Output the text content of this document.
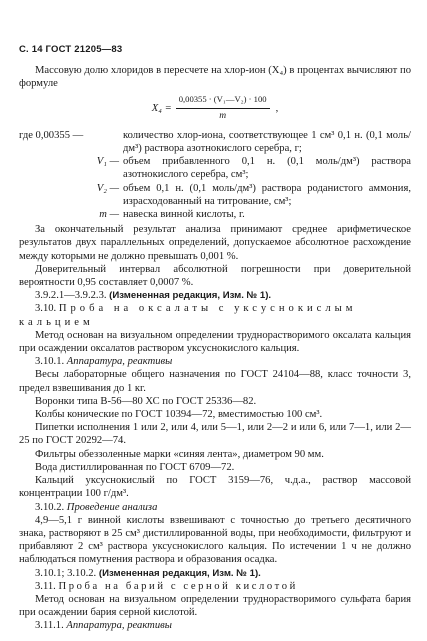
С. 14 ГОСТ 21205—83

Массовую долю хлоридов в пересчете на хлор-ион (X₄) в процентах вычисляют по формуле

$X_4 = \frac{\text{0,00355 · (V₁—V₂) · 100}}{m}$ ,
где 0,00355 —	количество хлор-иона, соответствующее 1 см³ 0,1 н. (0,1 моль/дм³) раствора азотнокислого серебра, г;
V₁ — объем прибавленного 0,1 н. (0,1 моль/дм³) раствора азотнокислого серебра, см³;
V₂ — объем 0,1 н. (0,1 моль/дм³) раствора роданистого аммония, израсходованный на титрование, см³;
m — навеска винной кислоты, г.

За окончательный результат анализа принимают среднее арифметическое результатов двух параллельных определений, допускаемое абсолютное расхождение между которыми не должно превышать 0,001 %.

Доверительный интервал абсолютной погрешности при доверительной вероятности 0,95 составляет 0,0007 %.

3.9.2.1—3.9.2.3. (Измененная редакция, Изм. № 1).

3.10. Проба на оксалаты с уксуснокислым кальцием

Метод основан на визуальном определении труднорастворимого оксалата кальция при осаждении оксалатов раствором уксуснокислого кальция.

3.10.1. Аппаратура, реактивы

Весы лабораторные общего назначения по ГОСТ 24104—88, класс точности 3, предел взвешивания до 1 кг.

Воронки типа В-56—80 ХС по ГОСТ 25336—82.

Колбы конические по ГОСТ 10394—72, вместимостью 100 см³.

Пипетки исполнения 1 или 2, или 4, или 5—1, или 2—2 и или 6, или 7—1, или 2—25 по ГОСТ 20292—74.

Фильтры обеззоленные марки «синяя лента», диаметром 90 мм.

Вода дистиллированная по ГОСТ 6709—72.

Кальций уксуснокислый по ГОСТ 3159—76, ч.д.а., раствор массовой концентрации 100 г/дм³.

3.10.2. Проведение анализа

4,9—5,1 г винной кислоты взвешивают с точностью до третьего десятичного знака, растворяют в 25 см³ дистиллированной воды, при необходимости, фильтруют и прибавляют 2 см³ раствора уксуснокислого кальция. По истечении 1 ч не должно наблюдаться помутнения раствора и образования осадка.

3.10.1; 3.10.2. (Измененная редакция, Изм. № 1).

3.11. Проба на барий с серной кислотой

Метод основан на визуальном определении труднорастворимого сульфата бария при осаждении бария серной кислотой.

3.11.1. Аппаратура, реактивы
